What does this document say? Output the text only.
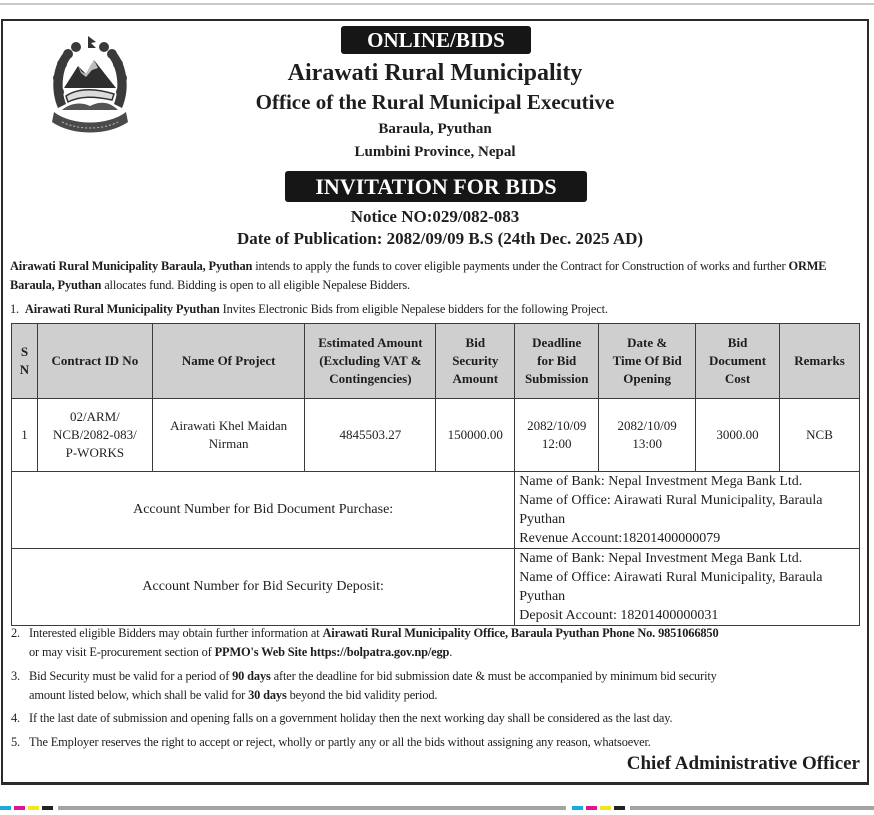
ONLINE/BIDS
Airawati Rural Municipality
Office of the Rural Municipal Executive
Baraula, Pyuthan
Lumbini Province, Nepal
INVITATION FOR BIDS
Notice NO:029/082-083
Date of Publication: 2082/09/09 B.S (24th Dec. 2025 AD)
Airawati Rural Municipality Baraula, Pyuthan intends to apply the funds to cover eligible payments under the Contract for Construction of works and further ORME Baraula, Pyuthan allocates fund. Bidding is open to all eligible Nepalese Bidders.
1. Airawati Rural Municipality Pyuthan Invites Electronic Bids from eligible Nepalese bidders for the following Project.
S
N	Contract ID No	Name Of Project	Estimated Amount
(Excluding VAT &
Contingencies)	Bid
Security
Amount	Deadline
for Bid
Submission	Date &
Time Of Bid
Opening	Bid
Document
Cost	Remarks
1	02/ARM/
NCB/2082-083/
P-WORKS	Airawati Khel Maidan
Nirman	4845503.27	150000.00	2082/10/09
12:00	2082/10/09
13:00	3000.00	NCB
Account Number for Bid Document Purchase:					Name of Bank: Nepal Investment Mega Bank Ltd.
Name of Office: Airawati Rural Municipality, Baraula Pyuthan
Revenue Account:18201400000079			

Account Number for Bid Security Deposit:					Name of Bank: Nepal Investment Mega Bank Ltd.
Name of Office: Airawati Rural Municipality, Baraula Pyuthan
Deposit Account: 18201400000031			
2. Interested eligible Bidders may obtain further information at Airawati Rural Municipality Office, Baraula Pyuthan Phone No. 9851066850
or may visit E-procurement section of PPMO's Web Site https://bolpatra.gov.np/egp.
3. Bid Security must be valid for a period of 90 days after the deadline for bid submission date & must be accompanied by minimum bid security
amount listed below, which shall be valid for 30 days beyond the bid validity period.
4. If the last date of submission and opening falls on a government holiday then the next working day shall be considered as the last day.
5. The Employer reserves the right to accept or reject, wholly or partly any or all the bids without assigning any reason, whatsoever.
Chief Administrative Officer
